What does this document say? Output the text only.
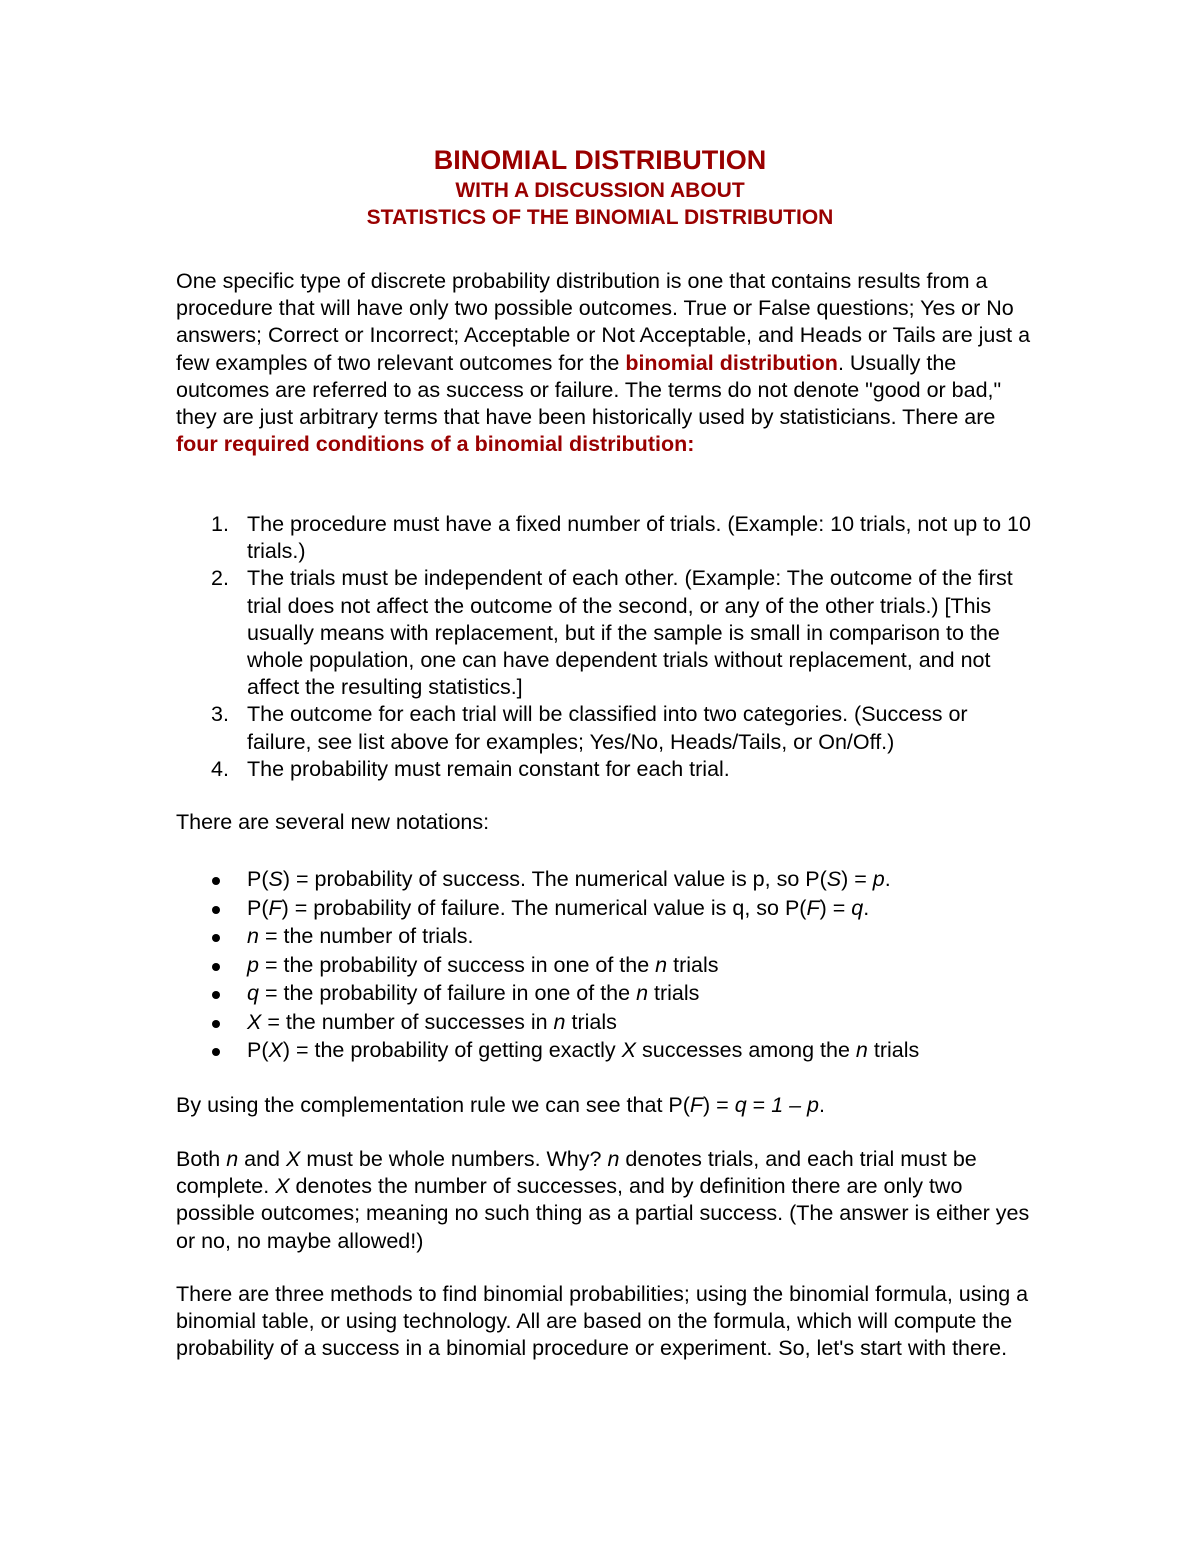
BINOMIAL DISTRIBUTION
WITH A DISCUSSION ABOUT
STATISTICS OF THE BINOMIAL DISTRIBUTION

One specific type of discrete probability distribution is one that contains results from a procedure that will have only two possible outcomes. True or False questions; Yes or No answers; Correct or Incorrect; Acceptable or Not Acceptable, and Heads or Tails are just a few examples of two relevant outcomes for the binomial distribution. Usually the outcomes are referred to as success or failure. The terms do not denote "good or bad," they are just arbitrary terms that have been historically used by statisticians. There are four required conditions of a binomial distribution:

1. The procedure must have a fixed number of trials. (Example: 10 trials, not up to 10 trials.)
2. The trials must be independent of each other. (Example: The outcome of the first trial does not affect the outcome of the second, or any of the other trials.) [This usually means with replacement, but if the sample is small in comparison to the whole population, one can have dependent trials without replacement, and not affect the resulting statistics.]
3. The outcome for each trial will be classified into two categories. (Success or failure, see list above for examples; Yes/No, Heads/Tails, or On/Off.)
4. The probability must remain constant for each trial.

There are several new notations:

P(S) = probability of success. The numerical value is p, so P(S) = p.
P(F) = probability of failure. The numerical value is q, so P(F) = q.
n = the number of trials.
p = the probability of success in one of the n trials
q = the probability of failure in one of the n trials
X = the number of successes in n trials
P(X) = the probability of getting exactly X successes among the n trials

By using the complementation rule we can see that P(F) = q = 1 – p.

Both n and X must be whole numbers. Why? n denotes trials, and each trial must be complete. X denotes the number of successes, and by definition there are only two possible outcomes; meaning no such thing as a partial success. (The answer is either yes or no, no maybe allowed!)

There are three methods to find binomial probabilities; using the binomial formula, using a binomial table, or using technology. All are based on the formula, which will compute the probability of a success in a binomial procedure or experiment. So, let's start with there.
